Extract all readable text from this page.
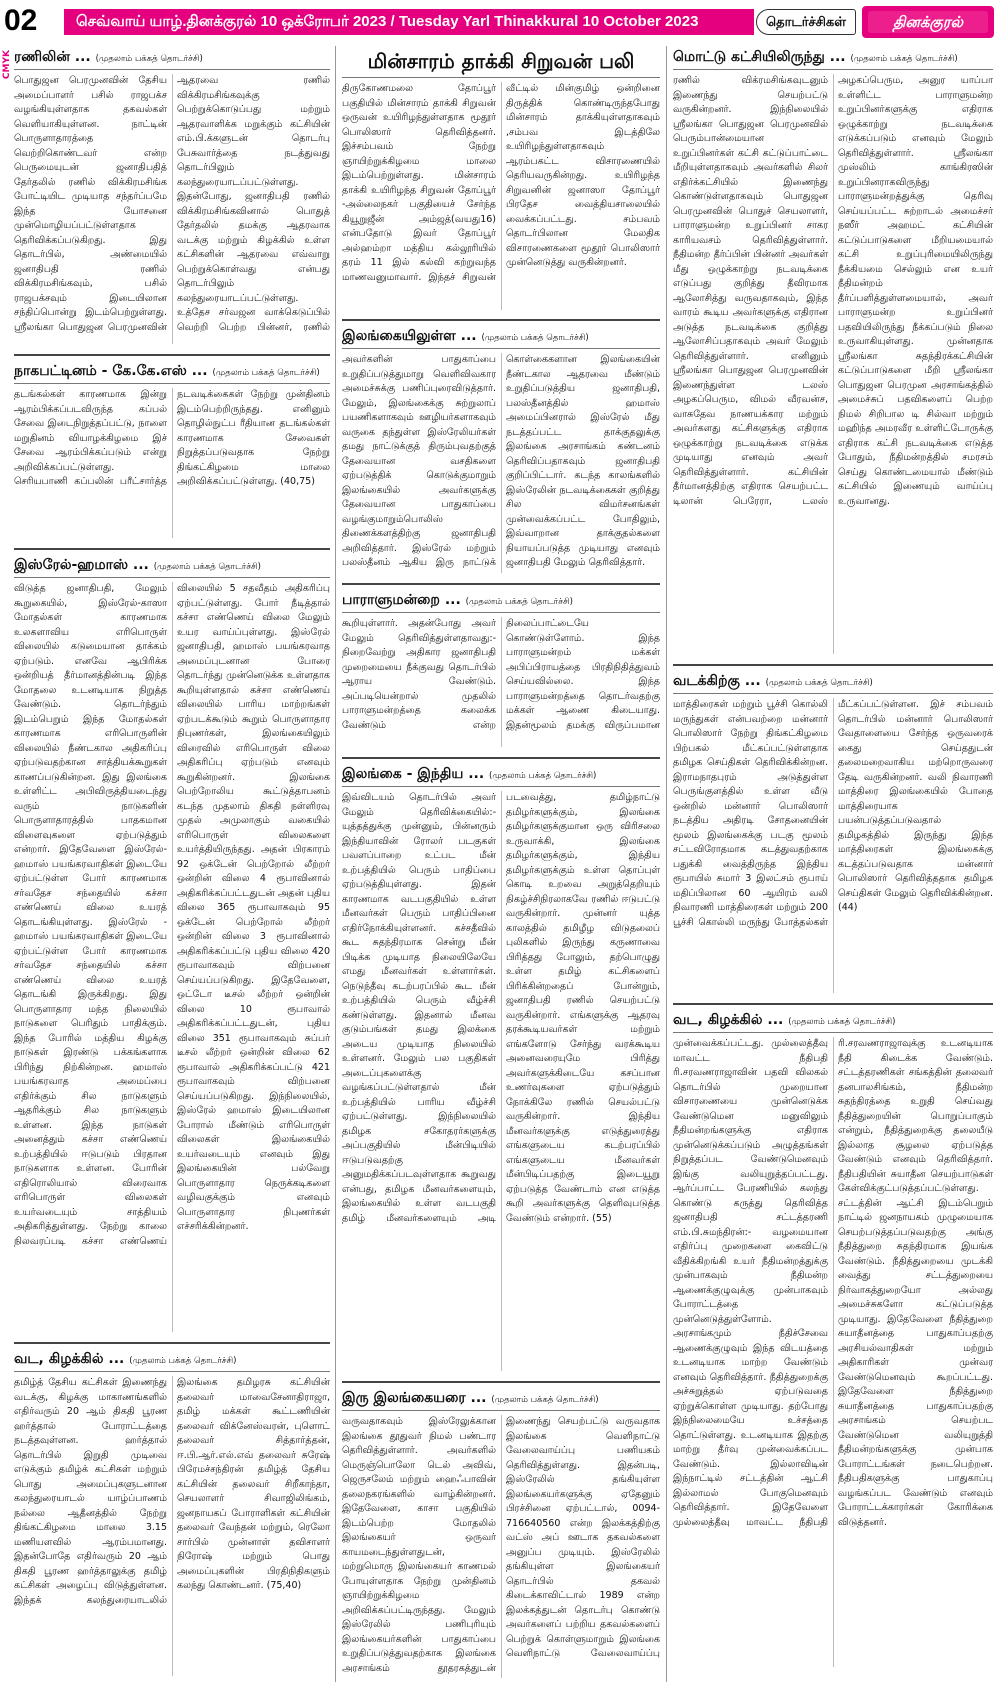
02	செவ்வாய் யாழ்.தினக்குரல் 10 ஒக்ரோபர் 2023 / Tuesday Yarl Thinakkural 10 October 2023	தொடர்ச்சிகள்	தினக்குரல்
CMYK ரணிலின் ... (முதலாம் பக்கத் தொடர்ச்சி)
பொதுஜன பெரமுனவின் தேசிய அமைப்பாளர் பசில் ராஜபக்ச வழங்கியுள்ளதாக தகவல்கள் வெளியாகியுள்ளன. நாட்டின் பொருளாதாரத்தை வெற்றிகொண்டவர் என்ற பெருமையுடன் ஜனாதிபதித் தேர்தலில் ரணில் விக்கிரமசிங்க போட்டியிட முடியாத சந்தர்ப்பமே இந்த யோசனை முன்மொழியப்பட்டுள்ளதாக தெரிவிக்கப்படுகிறது. இது தொடர்பில், அண்மையில் ஜனாதிபதி ரணில் விக்கிரமசிங்கவும், பசில் ராஜபக்சவும் இடையிலான சந்திப்பொன்று இடம்பெற்றுள்ளது. ஸ்ரீலங்கா பொதுஜன பெரமுனவின் ஆதரவை ரணில் விக்கிரமசிங்கவுக்கு பெற்றுக்கொடுப்பது மற்றும் ஆதரவாளிக்க மறுக்கும் கட்சியின் எம்.பி.க்களுடன் தொடர்பு பேசுவார்த்தை நடத்துவது தொடர்பிலும் கலந்துரையாடப்பட்டுள்ளது. இதன்போது, ஜனாதிபதி ரணில் விக்கிரமசிங்கவினால் பொதுத் தேர்தலில் தமக்கு ஆதரவாக வடக்கு மற்றும் கிழக்கில் உள்ள கட்சிகளின் ஆதரவை எவ்வாறு பெற்றுக்கொள்வது என்பது தொடர்பிலும் கலந்துரையாடப்பட்டுள்ளது. உத்தேச சர்வஜன வாக்கெடுப்பில் வெற்றி பெற்ற பின்னர், ரணில்
நாகபட்டினம் - கே.கே.எஸ் ... (முதலாம் பக்கத் தொடர்ச்சி)
தடங்கல்கள் காரணமாக இன்று ஆரம்பிக்கப்படவிருந்த கப்பல் சேவை இடைநிறுத்தப்பட்டு, நாளை மறுதினம் வியாழக்கிழமை இச் சேவை ஆரம்பிக்கப்படும் என்று அறிவிக்கப்பட்டுள்ளது. செரியபாணி கப்பலின் பரீட்சார்த்த நடவடிக்கைகள் நேற்று முன்தினம் இடம்பெற்றிருந்தது. எனினும் தொழில்நுட்ப ரீதியான தடங்கல்கள் காரணமாக சேவைகள் நிறுத்தப்படுவதாக நேற்று திங்கட்கிழமை மாலை அறிவிக்கப்பட்டுள்ளது. (40,75)
இஸ்ரேல்-ஹமாஸ் ... (முதலாம் பக்கத் தொடர்ச்சி)
விடுத்த ஜனாதிபதி, மேலும் கூறுகையில், இஸ்ரேல்-காஸா மோதல்கள் காரணமாக உலகளாவிய எரிபொருள் விலையில் கடுமையான தாக்கம் ஏற்படும். எனவே ஆபிரிக்க ஒன்றியத் தீர்மானத்தின்படி இந்த மோதலை உடனடியாக நிறுத்த வேண்டும். தொடர்ந்தும் இடம்பெறும் இந்த மோதல்கள் காரணமாக எரிபொருளின் விலையில் நீண்டகால அதிகரிப்பு ஏற்படுவதற்கான சாத்தியக்கூறுகள் காணப்படுகின்றன. இது இலங்கை உள்ளிட்ட அபிவிருத்தியடைந்து வரும் நாடுகளின் பொருளாதாரத்தில் பாதகமான விளைவுகளை ஏற்படுத்தும் என்றார். இதேவேளை இஸ்ரேல்-ஹமாஸ் பயங்கரவாதிகள் இடையே ஏற்பட்டுள்ள போர் காரணமாக சர்வதேச சந்தையில் கச்சா எண்ணெய் விலை உயரத் தொடங்கியுள்ளது. இஸ்ரேல் - ஹமாஸ் பயங்கரவாதிகள் இடையே ஏற்பட்டுள்ள போர் காரணமாக சர்வதேச சந்தையில் கச்சா எண்ணெய் விலை உயரத் தொடங்கி இருக்கிறது. இது பொருளாதார மந்த நிலையில் நாடுகளை பெரிதும் பாதிக்கும். இந்த போரில் மத்திய கிழக்கு நாடுகள் இரண்டு பக்கங்களாக பிரிந்து நிற்கின்றன. ஹமாஸ் பயங்கரவாத அமைப்பை எதிர்க்கும் சில நாடுகளும் ஆதரிக்கும் சில நாடுகளும் உள்ளன. இந்த நாடுகள் அனைத்தும் கச்சா எண்ணெய் உற்பத்தியில் ஈடுபடும் பிரதான நாடுகளாக உள்ளன. போரின் எதிரொலியால் விரைவாக எரிபொருள் விலைகள் உயர்வடையும் சாத்தியம் அதிகரித்துள்ளது. நேற்று காலை நிலவரப்படி கச்சா எண்ணெய் விலையில் 5 சதவீதம் அதிகரிப்பு ஏற்பட்டுள்ளது. போர் நீடித்தால் கச்சா எண்ணெய் விலை மேலும் உயர வாய்ப்புள்ளது. இஸ்ரேல் ஜனாதிபதி, ஹமாஸ் பயங்கரவாத அமைப்புடனான போரை தொடர்ந்து முன்னெடுக்க உள்ளதாக கூறியுள்ளதால் கச்சா எண்ணெய் விலையில் பாரிய மாற்றங்கள் ஏற்படக்கூடும் கூறும் பொருளாதார நிபுணர்கள், இலங்கையிலும் விரைவில் எரிபொருள் விலை அதிகரிப்பு ஏற்படும் எனவும் கூறுகின்றனர். இலங்கை பெற்றோலிய கூட்டுத்தாபனம் கடந்த முதலாம் திகதி நள்ளிரவு முதல் அமுலாகும் வகையில் எரிபொருள் விலைகளை உயர்த்தியிருந்தது. அதன் பிரகாரம் 92 ஒக்டேன் பெற்றோல் லீற்றர் ஒன்றின் விலை 4 ரூபாவினால் அதிகரிக்கப்பட்டதுடன் அதன் புதிய விலை 365 ரூபாவாகவும் 95 ஒக்டேன் பெற்றோல் லீற்றர் ஒன்றின் விலை 3 ரூபாவினால் அதிகரிக்கப்பட்டு புதிய விலை 420 ரூபாவாகவும் விற்பனை செய்யப்படுகிறது. இதேவேளை, ஒட்டோ டீசல் லீற்றர் ஒன்றின் விலை 10 ரூபாவால் அதிகரிக்கப்பட்டதுடன், புதிய விலை 351 ரூபாவாகவும் சுப்பர் டீசல் லீற்றர் ஒன்றின் விலை 62 ரூபாவால் அதிகரிக்கப்பட்டு 421 ரூபாவாகவும் விற்பனை செய்யப்படுகிறது. இந்நிலையில், இஸ்ரேல் ஹமாஸ் இடையிலான போரால் மீண்டும் எரிபொருள் விலைகள் இலங்கையில் உயர்வடையும் எனவும் இது இலங்கையின் பல்வேறு பொருளாதார நெருக்கடிகளை வழிவகுக்கும் எனவும் பொருளாதார நிபுணர்கள் எச்சரிக்கின்றனர்.
வட, கிழக்கில் ... (முதலாம் பக்கத் தொடர்ச்சி)
தமிழ்த் தேசிய கட்சிகள் இணைந்து வடக்கு, கிழக்கு மாகாணங்களில் எதிர்வரும் 20 ஆம் திகதி பூரண ஹர்த்தால் போராட்டத்தை நடத்தவுள்ளன. ஹர்த்தால் தொடர்பில் இறுதி முடிவை எடுக்கும் தமிழ்க் கட்சிகள் மற்றும் பொது அமைப்புகளுடனான கலந்துரையாடல் யாழ்ப்பாணம் நல்லை ஆதீனத்தில் நேற்று திங்கட்கிழமை மாலை 3.15 மணியளவில் ஆரம்பமானது. இதன்போதே எதிர்வரும் 20 ஆம் திகதி பூரண ஹர்த்தாலுக்கு தமிழ் கட்சிகள் அழைப்பு விடுத்துள்ளன. இந்தக் கலந்துரையாடலில் இலங்கை தமிழரசு கட்சியின் தலைவர் மாவைசேனாதிராஜா, தமிழ் மக்கள் கூட்டணியின் தலைவர் விக்னேஸ்வரன், புளொட் தலைவர் சித்தார்த்தன், ஈ.பி.ஆர்.எல்.எவ் தலைவர் சுரேஷ் பிரேமச்சந்திரன் தமிழ்த் தேசிய கட்சியின் தலைவர் சிறீகாந்தா, செயலாளர் சிவாஜிலிங்கம், ஜனநாயகப் போராளிகள் கட்சியின் தலைவர் வேந்தன் மற்றும், ரெலோ சார்பில் முன்னாள் தவிசாளர் நிரோஷ் மற்றும் பொது அமைப்புகளின் பிரதிநிதிகளும் கலந்து கொண்டனர். (75,40)
மின்சாரம் தாக்கி சிறுவன் பலி
திருகோணமலை தோப்பூர் பகுதியில் மின்சாரம் தாக்கி சிறுவன் ஒருவன் உயிரிழந்துள்ளதாக மூதூர் பொலிஸார் தெரிவித்தனர். இச்சம்பவம் நேற்று ஞாயிற்றுக்கிழமை மாலை இடம்பெற்றுள்ளது. மின்சாரம் தாக்கி உயிரிழந்த சிறுவன் தோப்பூர் -அல்லைநகர் பகுதியைச் சேர்ந்த கியூறுஜீன் அம்ஜத்(வயது16) என்பதோடு இவர் தோப்பூர் அல்ஹம்றா மத்திய கல்லூரியில் தரம் 11 இல் கல்வி கற்றுவந்த மாணவனுமாவார். இந்தச் சிறுவன் வீட்டில் மின்குமிழ் ஒன்றினை திருத்திக் கொண்டிருந்தபோது மின்சாரம் தாக்கியுள்ளதாகவும் ,சம்பவ இடத்திலே உயிரிழந்துள்ளதாகவும் ஆரம்பகட்ட விசாரணையில் தெரியவருகின்றது. உயிரிழந்த சிறுவனின் ஜனாஸா தோப்பூர் பிரதேச வைத்தியசாலையில் வைக்கப்பட்டது. சம்பவம் தொடர்பிலான மேலதிக விசாரணைகளை மூதூர் பொலிஸார் முன்னெடுத்து வருகின்றனர்.
இலங்கையிலுள்ள ... (முதலாம் பக்கத் தொடர்ச்சி)
அவர்களின் பாதுகாப்பை உறுதிப்படுத்துமாறு வெளிவிவகார அமைச்சுக்கு பணிப்புரைவிடுத்தார். மேலும், இலங்கைக்கு சுற்றுலாப் பயணிகளாகவும் ஊழியர்களாகவும் வருகை தந்துள்ள இஸ்ரேலியர்கள் தமது நாட்டுக்குத் திரும்புவதற்குத் தேவையான வசதிகளை ஏற்படுத்திக் கொடுக்குமாறும் இலங்கையில் அவர்களுக்கு தேவையான பாதுகாப்பை வழங்குமாறும்பொலிஸ் திணைக்களத்திற்கு ஜனாதிபதி அறிவித்தார். இஸ்ரேல் மற்றும் பலஸ்தீனம் ஆகிய இரு நாட்டுக் கொள்கைகளான இலங்கையின் நீண்டகால ஆதரவை மீண்டும் உறுதிப்படுத்திய ஜனாதிபதி, பலஸ்தீனத்தில் ஹமாஸ் அமைப்பினரால் இஸ்ரேல் மீது நடத்தப்பட்ட தாக்குதலுக்கு இலங்கை அரசாங்கம் கண்டனம் தெரிவிப்பதாகவும் ஜனாதிபதி குறிப்பிட்டார். கடந்த காலங்களில் இஸ்ரேலின் நடவடிக்கைகள் குறித்து சில விமர்சனங்கள் முன்வைக்கப்பட்ட போதிலும், இவ்வாறான தாக்குதல்களை நியாயப்படுத்த முடியாது எனவும் ஜனாதிபதி மேலும் தெரிவித்தார்.
பாராளுமன்றை ... (முதலாம் பக்கத் தொடர்ச்சி)
கூறியுள்ளார். அதன்போது அவர் மேலும் தெரிவித்துள்ளதாவது:- நிறைவேற்று அதிகார ஜனாதிபதி முறைமையை நீக்குவது தொடர்பில் ஆராய வேண்டும். அப்படியென்றால் முதலில் பாராளுமன்றத்தை கலைக்க வேண்டும் என்ற நிலைப்பாட்டையே கொண்டுள்ளோம். இந்த பாராளுமன்றம் மக்கள் அபிப்பிராயத்தை பிரதிநிதித்துவம் செய்யவில்லை. இந்த பாராளுமன்றத்தை தொடர்வதற்கு மக்கள் ஆணை கிடையாது. இதன்மூலம் தமக்கு விருப்பமான
இலங்கை - இந்திய ... (முதலாம் பக்கத் தொடர்ச்சி)
இவ்விடயம் தொடர்பில் அவர் மேலும் தெரிவிக்கையில்:- யுத்தத்துக்கு முன்னும், பின்னரும் இந்தியாவின் ரோலர் படகுகள் பவளப்பாறை உட்பட மீன் உற்பத்தியில் பெரும் பாதிப்பை ஏற்படுத்தியுள்ளது. இதன் காரணமாக வடபகுதியில் உள்ள மீனவர்கள் பெரும் பாதிப்பினை எதிர்நோக்கியுள்ளனர். கச்சதீவில் கூட சுதந்திரமாக சென்று மீன் பிடிக்க முடியாத நிலையிலேயே எமது மீனவர்கள் உள்ளார்கள். நெடுந்தீவு கடற்பரப்பில் கூட மீன் உற்பத்தியில் பெரும் வீழ்ச்சி கண்டுள்ளது. இதனால் மீனவ குடும்பங்கள் தமது இலக்கை அடைய முடியாத நிலையில் உள்ளனர். மேலும் பல பகுதிகள் அடைப்புகளைக்கு வழங்கப்பட்டுள்ளதால் மீன் உற்பத்தியில் பாரிய வீழ்ச்சி ஏற்பட்டுள்ளது. இந்நிலையில் தமிழக சகோதரர்களுக்கு அப்பகுதியில் மீன்பிடியில் ஈடுபடுவதற்கு அனுமதிக்கப்படவுள்ளதாக கூறுவது என்பது, தமிழக மீனவர்களையும், இலங்கையில் உள்ள வடபகுதி தமிழ் மீனவர்களையும் அடி படவைத்து, தமிழ்நாட்டு தமிழர்களுக்கும், இலங்கை தமிழர்களுக்குமான ஒரு விரிசலை உருவாக்கி, இலங்கை தமிழர்களுக்கும், இந்திய தமிழர்களுக்கும் உள்ள தொப்புள் கொடி உறவை அறுத்தெறியும் நிகழ்ச்சிநிரலாகவே ரணில் ஈடுபட்டு வருகின்றார். முன்னர் யுத்த காலத்தில் தமிழீழ விடுதலைப் புலிகளில் இருந்து கருணாவை பிரித்தது போலும், தற்பொழுது உள்ள தமிழ் கட்சிகளைப் பிரிக்கின்றதைப் போன்றும், ஜனாதிபதி ரணில் செயற்பட்டு வருகின்றார். எங்களுக்கு ஆதரவு தரக்கூடியவர்கள் மற்றும் எங்களோடு சேர்ந்து வரக்கூடிய அனைவரையுமே பிரித்து அவர்களுக்கிடையே கசப்பான உணர்வுகளை ஏற்படுத்தும் நோக்கிலே ரணில் செயல்பட்டு வருகின்றார். இந்திய மீனவர்களுக்கு எடுத்துரைத்து எங்களுடைய கடற்பரப்பில் எங்களுடைய மீனவர்கள் மீன்பிடிப்பதற்கு இடையூறு ஏற்படுத்த வேண்டாம் என எடுத்த கூறி அவர்களுக்கு தெளிவுபடுத்த வேண்டும் என்றார். (55)
இரு இலங்கையரை ... (முதலாம் பக்கத் தொடர்ச்சி)
வருவதாகவும் இஸ்ரேலுக்கான இலங்கை தூதுவர் நிமல் பண்டார தெரிவித்துள்ளார். அவர்களில் மெருஞ்பொலோ டெல் அவிவ், ஜெருசலேம் மற்றும் ஹைஃபாவின் தலைநகரங்களில் வாழ்கின்றனர். இதேவேளை, காசா பகுதியில் இடம்பெற்ற மோதலில் இலங்கையர் ஒருவர் காயமடைந்துள்ளதுடன், மற்றுமொரு இலங்கையர் காணமல் போயுள்ளதாக நேற்று முன்தினம் ஞாயிற்றுக்கிழமை அறிவிக்கப்பட்டிருந்தது. மேலும் இஸ்ரேலில் பணிபுரியும் இலங்கையர்களின் பாதுகாப்பை உறுதிப்படுத்துவதற்காக இலங்கை அரசாங்கம் தூதரகத்துடன் இணைந்து செயற்பட்டு வருவதாக இலங்கை வெளிநாட்டு வேலைவாய்ப்பு பணியகம் தெரிவித்துள்ளது. இதன்படி, இஸ்ரேலில் தங்கியுள்ள இலங்கையர்களுக்கு ஏதேனும் பிரச்சினை ஏற்பட்டால், 0094-716640560 என்ற இலக்கத்திற்கு வட்ஸ் அப் ஊடாக தகவல்களை அனுப்ப முடியும். இஸ்ரேலில் தங்கியுள்ள இலங்கையர் தொடர்பில் தகவல் கிடைக்காவிட்டால் 1989 என்ற இலக்கத்துடன் தொடர்பு கொண்டு அவர்களைப் பற்றிய தகவல்களைப் பெற்றுக் கொள்ளுமாறும் இலங்கை வெளிநாட்டு வேலைவாய்ப்பு
மொட்டு கட்சியிலிருந்து ... (முதலாம் பக்கத் தொடர்ச்சி)
ரணில் விக்ரமசிங்கவுடனும் இணைந்து செயற்பட்டு வருகின்றனர். இந்நிலையில் ஸ்ரீலங்கா பொதுஜன பெரமுனவில் பெரும்பான்மையான உறுப்பினர்கள் கட்சி கட்டுப்பாட்டை மீறியுள்ளதாகவும் அவர்களில் சிலர் எதிர்க்கட்சியில் இணைந்து கொண்டுள்ளதாகவும் பொதுஜன பெரமுனவின் பொதுச் செயலாளர், பாராளுமன்ற உறுப்பினர் சாகர காரியவசம் தெரிவித்துள்ளார். நீதிமன்ற தீர்ப்பின் பின்னர் அவர்கள் மீது ஒழுக்காற்று நடவடிக்கை எடுப்பது குறித்து தீவிரமாக ஆலோசித்து வருவதாகவும், இந்த வாரம் கூடிய அவர்களுக்கு எதிரான அடுத்த நடவடிக்கை குறித்து ஆலோசிப்பதாகவும் அவர் மேலும் தெரிவித்துள்ளார். எனினும் ஸ்ரீலங்கா பொதுஜன பெரமுனவின் இணைந்துள்ள டலஸ் அழகப்பெரும, விமல் வீரவன்ச, வாசுதேவ நாணயக்கார மற்றும் அவர்களது கட்சிகளுக்கு எதிராக ஒழுக்காற்று நடவடிக்கை எடுக்க முடியாது எனவும் அவர் தெரிவித்துள்ளார். கட்சியின் தீர்மானத்திற்கு எதிராக செயற்பட்ட டிலான் பெரேரா, டலஸ் அழகப்பெரும, அனுர யாப்பா உள்ளிட்ட பாராளுமன்ற உறுப்பினர்களுக்கு எதிராக ஒழுக்காற்று நடவடிக்கை எடுக்கப்படும் எனவும் மேலும் தெரிவித்துள்ளார். ஸ்ரீலங்கா முஸ்லிம் காங்கிரஸின் உறுப்பினராகவிருந்து பாராளுமன்றத்துக்கு தெரிவு செய்யப்பட்ட சுற்றாடல் அமைச்சர் நஸீர் அஹமட் கட்சியின் கட்டுப்பாடுகளை மீறியமையால் கட்சி உறுப்புரிமையிலிருந்து நீக்கியமை செல்லும் என உயர் நீதிமன்றம் தீர்ப்பளித்துள்ளமையால், அவர் பாராளுமன்ற உறுப்பினர் பதவியிலிருந்து நீக்கப்படும் நிலை உருவாகியுள்ளது. முன்னதாக ஸ்ரீலங்கா சுதந்திரக்கட்சியின் கட்டுப்பாடுகளை மீறி ஸ்ரீலங்கா பொதுஜன பெரமுன அரசாங்கத்தில் அமைச்சுப் பதவிகளைப் பெற்ற நிமல் சிறிபால டி சில்வா மற்றும் மஹிந்த அமரவீர உள்ளிட்டோருக்கு எதிராக கட்சி நடவடிக்கை எடுத்த போதும், நீதிமன்றத்தில் சமரசம் செய்து கொண்டமையால் மீண்டும் கட்சியில் இணையும் வாய்ப்பு உருவானது.
வடக்கிற்கு ... (முதலாம் பக்கத் தொடர்ச்சி)
மாத்திரைகள் மற்றும் பூச்சி கொல்லி மருந்துகள் என்பவற்றை மன்னார் பொலிஸார் நேற்று திங்கட்கிழமை பிற்பகல் மீட்கப்பட்டுள்ளதாக தமிழக செய்திகள் தெரிவிக்கின்றன. இராமநாதபுரம் அடுத்துள்ள பெருங்குளத்தில் உள்ள வீடு ஒன்றில் மன்னார் பொலிஸார் நடத்திய அதிரடி சோதனையின் மூலம் இலங்கைக்கு படகு மூலம் சட்டவிரோதமாக கடத்துவதற்காக பதுக்கி வைத்திருந்த இந்திய ரூபாயில் சுமார் 3 இலட்சம் ரூபாய் மதிப்பிலான 60 ஆயிரம் வலி நிவாரணி மாத்திரைகள் மற்றும் 200 பூச்சி கொல்லி மருந்து போத்தல்கள் மீட்கப்பட்டுள்ளன. இச் சம்பவம் தொடர்பில் மன்னார் பொலிஸார் வேதாளையை சேர்ந்த ஒருவரைக் கைது செய்ததுடன் தலைமறைவாகிய மற்றொருவரை தேடி வருகின்றனர். வலி நிவாரணி மாத்திரை இலங்கையில் போதை மாத்திரையாக பயன்படுத்தப்படுவதால் தமிழகத்தில் இருந்து இந்த மாத்திரைகள் இலங்கைக்கு கடத்தப்படுவதாக மன்னார் பொலிஸார் தெரிவித்ததாக தமிழக செய்திகள் மேலும் தெரிவிக்கின்றன. (44)
வட, கிழக்கில் ... (முதலாம் பக்கத் தொடர்ச்சி)
முன்வைக்கப்பட்டது. முல்லைத்தீவு மாவட்ட நீதிபதி ரி.சரவணராஜாவின் பதவி விலகல் தொடர்பில் முறையான விசாரணையை முன்னெடுக்க வேண்டுமென மனுவிலும் நீதிமன்றங்களுக்கு எதிராக முன்னெடுக்கப்படும் அழுத்தங்கள் நிறுத்தப்பட வேண்டுமெனவும் இங்கு வலியுறுத்தப்பட்டது. ஆர்ப்பாட்ட பேரணியில் கலந்து கொண்டு கருத்து தெரிவித்த ஜனாதிபதி சட்டத்தரணி எம்.பி.சுமந்திரன்:- வழமையான எதிர்ப்பு முறைகளை கைவிட்டு வீதிக்கிறங்கி உயர் நீதிமன்றத்துக்கு முன்பாகவும் நீதிமன்ற ஆணைக்குழுவுக்கு முன்பாகவும் போராட்டத்தை முன்னெடுத்துள்ளோம். அரசாங்கமும் நீதிச்சேவை ஆணைக்குழுவும் இந்த விடயத்தை உடனடியாக மாற்ற வேண்டும் எனவும் தெரிவித்தார். நீதித்துறைக்கு அச்சுறுத்தல் ஏற்படுவதை ஏற்றுக்கொள்ள முடியாது. தற்போது இந்நிலைமையே உச்சத்தை தொட்டுள்ளது. உடனடியாக இதற்கு மாற்று தீர்வு முன்வைக்கப்பட வேண்டும். இல்லாவிடின் இந்நாட்டில் சட்டத்தின் ஆட்சி இல்லாமல் போகுமெனவும் தெரிவித்தார். இதேவேளை முல்லைத்தீவு மாவட்ட நீதிபதி ரி.சரவணராஜாவுக்கு உடனடியாக நீதி கிடைக்க வேண்டும். சட்டத்தரணிகள் சங்கத்தின் தலைவர் தனபாலசிங்கம், நீதிமன்ற சுதந்திரத்தை உறுதி செய்வது நீதித்துறையின் பொறுப்பாகும் என்றும், நீதித்துறைக்கு தலையீடு இல்லாத சூழலை ஏற்படுத்த வேண்டும் எனவும் தெரிவித்தார். நீதிபதியின் சுயாதீன செயற்பாடுகள் கேள்விக்குட்படுத்தப்பட்டுள்ளது. சட்டத்தின் ஆட்சி இடம்பெறும் நாட்டில் ஜனநாயகம் முழுமையாக செயற்படுத்தப்படுவதற்கு அங்கு நீதித்துறை சுதந்திரமாக இயங்க வேண்டும். நீதித்துறையை முடக்கி வைத்து சட்டத்துறையை நிர்வாகத்துறையோ அல்லது அமைச்சுகளோ கட்டுப்படுத்த முடியாது. இதேவேளை நீதித்துறை சுயாதீனத்தை பாதுகாப்பதற்கு அரசியல்வாதிகள் மற்றும் அதிகாரிகள் முன்வர வேண்டுமெனவும் கூறப்பட்டது. இதேவேளை நீதித்துறை சுயாதீனத்தை பாதுகாப்பதற்கு அரசாங்கம் செயற்பட வேண்டுமென வலியுறுத்தி நீதிமன்றங்களுக்கு முன்பாக போராட்டங்கள் நடைபெற்றன. நீதிபதிகளுக்கு பாதுகாப்பு வழங்கப்பட வேண்டும் எனவும் போராட்டக்காரர்கள் கோரிக்கை விடுத்தனர்.
